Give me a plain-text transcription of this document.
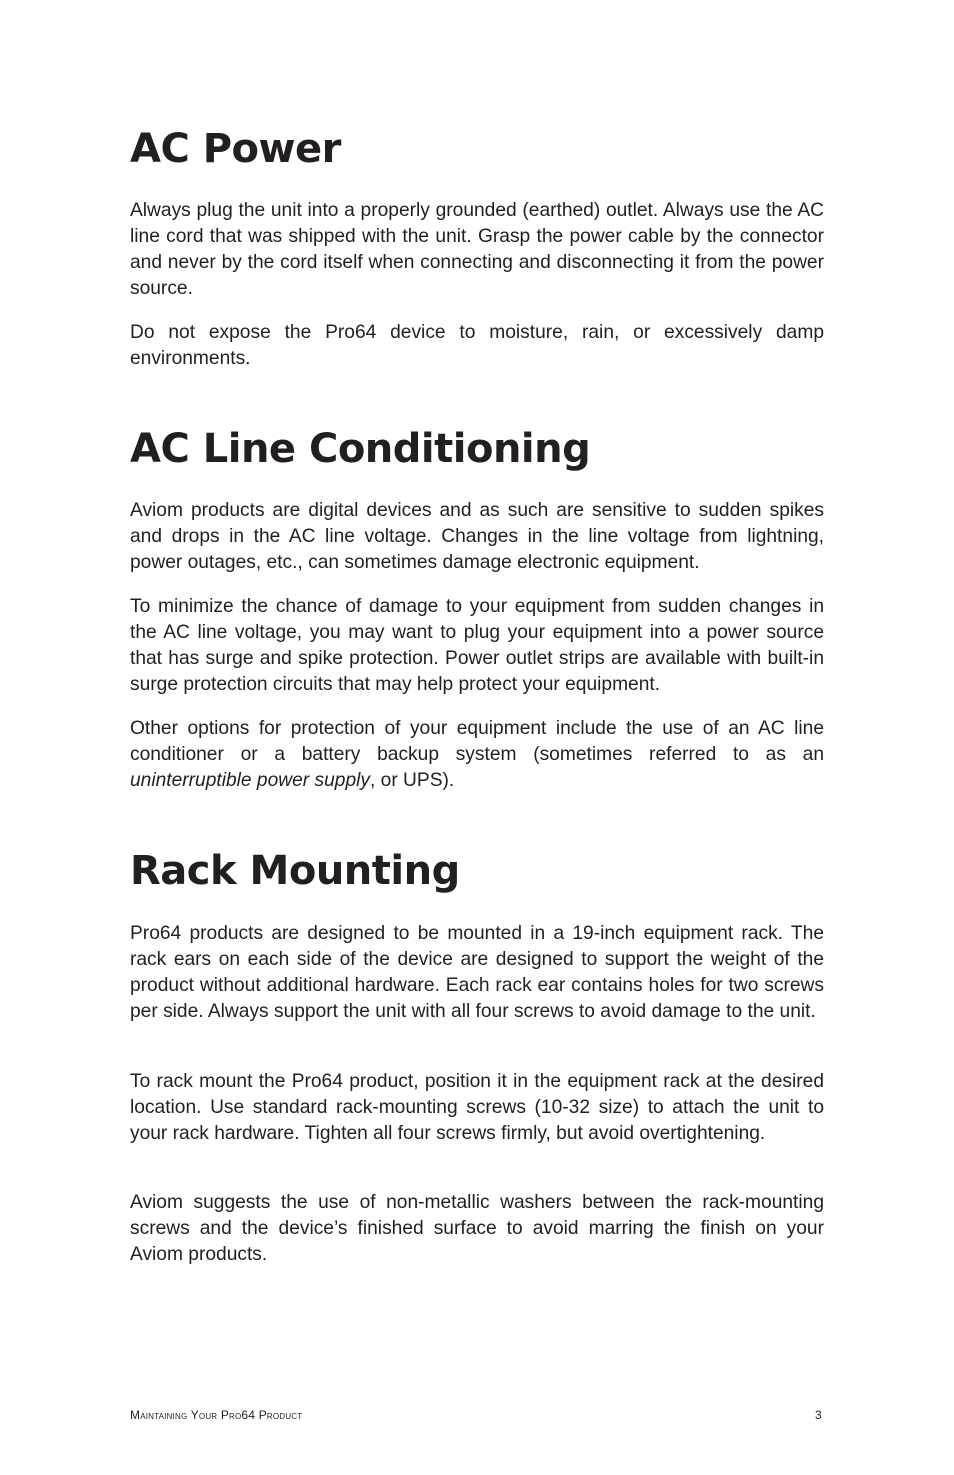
AC Power

Always plug the unit into a properly grounded (earthed) outlet. Always use the AC line cord that was shipped with the unit. Grasp the power cable by the connector and never by the cord itself when connecting and disconnecting it from the power source.

Do not expose the Pro64 device to moisture, rain, or excessively damp environments.

AC Line Conditioning

Aviom products are digital devices and as such are sensitive to sudden spikes and drops in the AC line voltage. Changes in the line voltage from lightning, power outages, etc., can sometimes damage electronic equipment.

To minimize the chance of damage to your equipment from sudden changes in the AC line voltage, you may want to plug your equipment into a power source that has surge and spike protection. Power outlet strips are available with built-in surge protection circuits that may help protect your equipment.

Other options for protection of your equipment include the use of an AC line conditioner or a battery backup system (sometimes referred to as an uninterruptible power supply, or UPS).

Rack Mounting

Pro64 products are designed to be mounted in a 19-inch equipment rack. The rack ears on each side of the device are designed to support the weight of the product without additional hardware. Each rack ear contains holes for two screws per side. Always support the unit with all four screws to avoid damage to the unit.

To rack mount the Pro64 product, position it in the equipment rack at the desired location. Use standard rack-mounting screws (10-32 size) to attach the unit to your rack hardware. Tighten all four screws firmly, but avoid overtightening.

Aviom suggests the use of non-metallic washers between the rack-mounting screws and the device’s finished surface to avoid marring the finish on your Aviom products.

Maintaining Your Pro64 Product	3
